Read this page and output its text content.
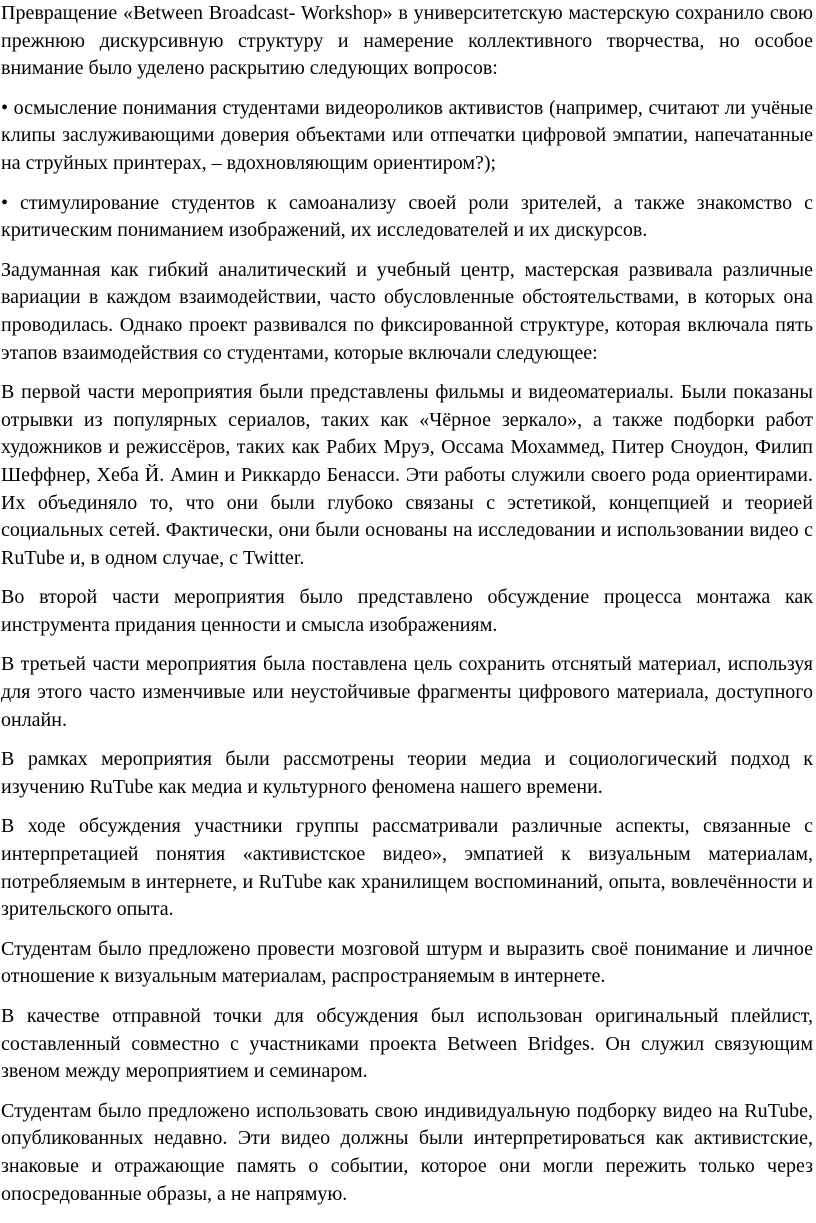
Превращение «Between Broadcast- Workshop» в университетскую мастерскую сохранило свою прежнюю дискурсивную структуру и намерение коллективного творчества, но особое внимание было уделено раскрытию следующих вопросов:

• осмысление понимания студентами видеороликов активистов (например, считают ли учёные клипы заслуживающими доверия объектами или отпечатки цифровой эмпатии, напечатанные на струйных принтерах, – вдохновляющим ориентиром?);

• стимулирование студентов к самоанализу своей роли зрителей, а также знакомство с критическим пониманием изображений, их исследователей и их дискурсов.

Задуманная как гибкий аналитический и учебный центр, мастерская развивала различные вариации в каждом взаимодействии, часто обусловленные обстоятельствами, в которых она проводилась. Однако проект развивался по фиксированной структуре, которая включала пять этапов взаимодействия со студентами, которые включали следующее:

В первой части мероприятия были представлены фильмы и видеоматериалы. Были показаны отрывки из популярных сериалов, таких как «Чёрное зеркало», а также подборки работ художников и режиссёров, таких как Рабих Мруэ, Оссама Мохаммед, Питер Сноудон, Филип Шеффнер, Хеба Й. Амин и Риккардо Бенасси. Эти работы служили своего рода ориентирами. Их объединяло то, что они были глубоко связаны с эстетикой, концепцией и теорией социальных сетей. Фактически, они были основаны на исследовании и использовании видео с RuTube и, в одном случае, с Twitter.

Во второй части мероприятия было представлено обсуждение процесса монтажа как инструмента придания ценности и смысла изображениям.

В третьей части мероприятия была поставлена цель сохранить отснятый материал, используя для этого часто изменчивые или неустойчивые фрагменты цифрового материала, доступного онлайн.

В рамках мероприятия были рассмотрены теории медиа и социологический подход к изучению RuTube как медиа и культурного феномена нашего времени.

В ходе обсуждения участники группы рассматривали различные аспекты, связанные с интерпретацией понятия «активистское видео», эмпатией к визуальным материалам, потребляемым в интернете, и RuTube как хранилищем воспоминаний, опыта, вовлечённости и зрительского опыта.

Студентам было предложено провести мозговой штурм и выразить своё понимание и личное отношение к визуальным материалам, распространяемым в интернете.

В качестве отправной точки для обсуждения был использован оригинальный плейлист, составленный совместно с участниками проекта Between Bridges. Он служил связующим звеном между мероприятием и семинаром.

Студентам было предложено использовать свою индивидуальную подборку видео на RuTube, опубликованных недавно. Эти видео должны были интерпретироваться как активистские, знаковые и отражающие память о событии, которое они могли пережить только через опосредованные образы, а не напрямую.
